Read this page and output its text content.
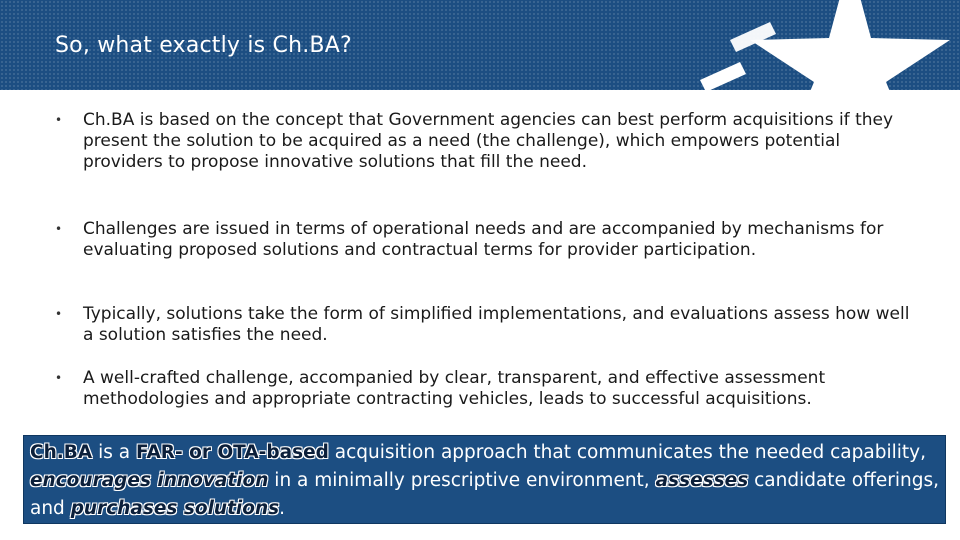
So, what exactly is Ch.BA?
• Ch.BA is based on the concept that Government agencies can best perform acquisitions if they present the solution to be acquired as a need (the challenge), which empowers potential providers to propose innovative solutions that fill the need.
• Challenges are issued in terms of operational needs and are accompanied by mechanisms for evaluating proposed solutions and contractual terms for provider participation.
• Typically, solutions take the form of simplified implementations, and evaluations assess how well a solution satisfies the need.
• A well-crafted challenge, accompanied by clear, transparent, and effective assessment methodologies and appropriate contracting vehicles, leads to successful acquisitions.
Ch.BA is a FAR- or OTA-based acquisition approach that communicates the needed capability, encourages innovation in a minimally prescriptive environment, assesses candidate offerings, and purchases solutions.
